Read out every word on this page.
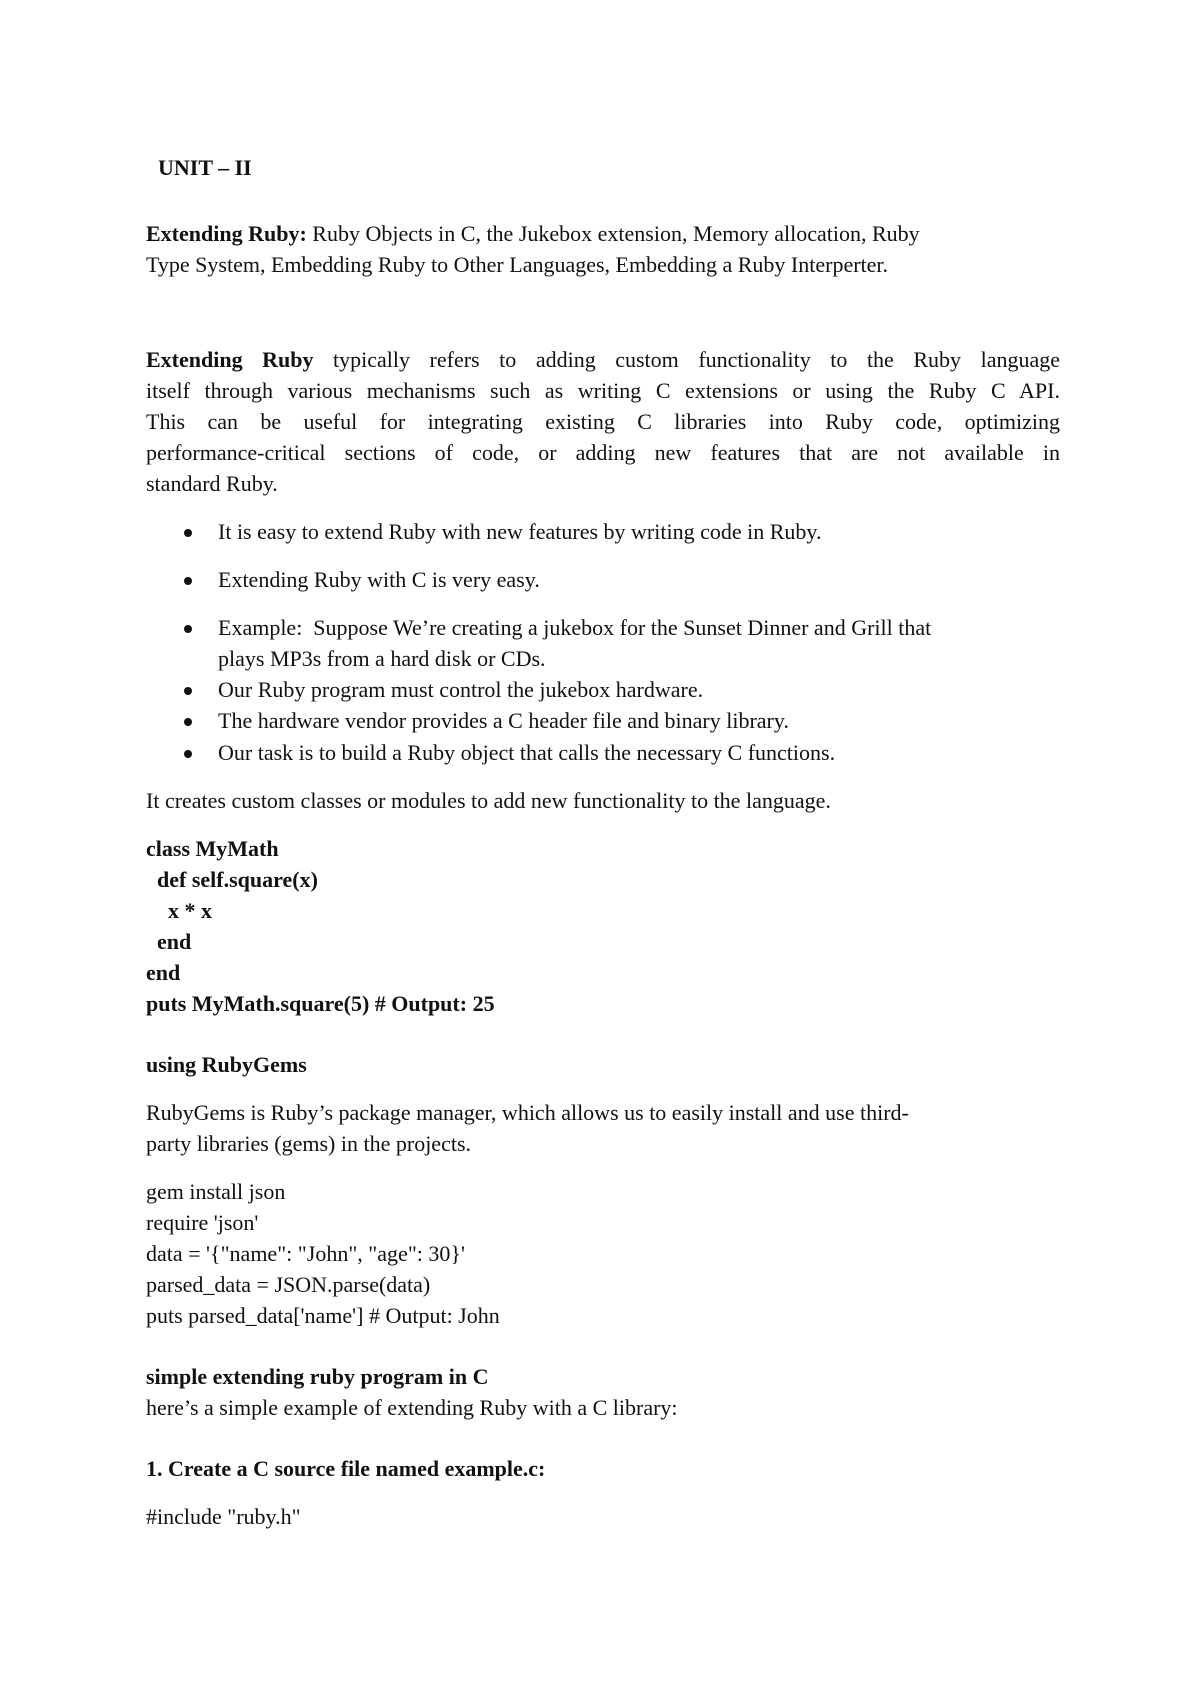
UNIT – II

Extending Ruby: Ruby Objects in C, the Jukebox extension, Memory allocation, Ruby

Type System, Embedding Ruby to Other Languages, Embedding a Ruby Interperter.

Extending Ruby typically refers to adding custom functionality to the Ruby language

itself through various mechanisms such as writing C extensions or using the Ruby C API.

This can be useful for integrating existing C libraries into Ruby code, optimizing

performance-critical sections of code, or adding new features that are not available in

standard Ruby.

It is easy to extend Ruby with new features by writing code in Ruby.

Extending Ruby with C is very easy.

Example:  Suppose We’re creating a jukebox for the Sunset Dinner and Grill that

plays MP3s from a hard disk or CDs.

Our Ruby program must control the jukebox hardware.

The hardware vendor provides a C header file and binary library.

Our task is to build a Ruby object that calls the necessary C functions.

It creates custom classes or modules to add new functionality to the language.

class MyMath

def self.square(x)

x * x

end

end

puts MyMath.square(5) # Output: 25

using RubyGems

RubyGems is Ruby’s package manager, which allows us to easily install and use third-

party libraries (gems) in the projects.

gem install json

require 'json'

data = '{"name": "John", "age": 30}'

parsed_data = JSON.parse(data)

puts parsed_data['name'] # Output: John

simple extending ruby program in C

here’s a simple example of extending Ruby with a C library:

1. Create a C source file named example.c:

#include "ruby.h"
